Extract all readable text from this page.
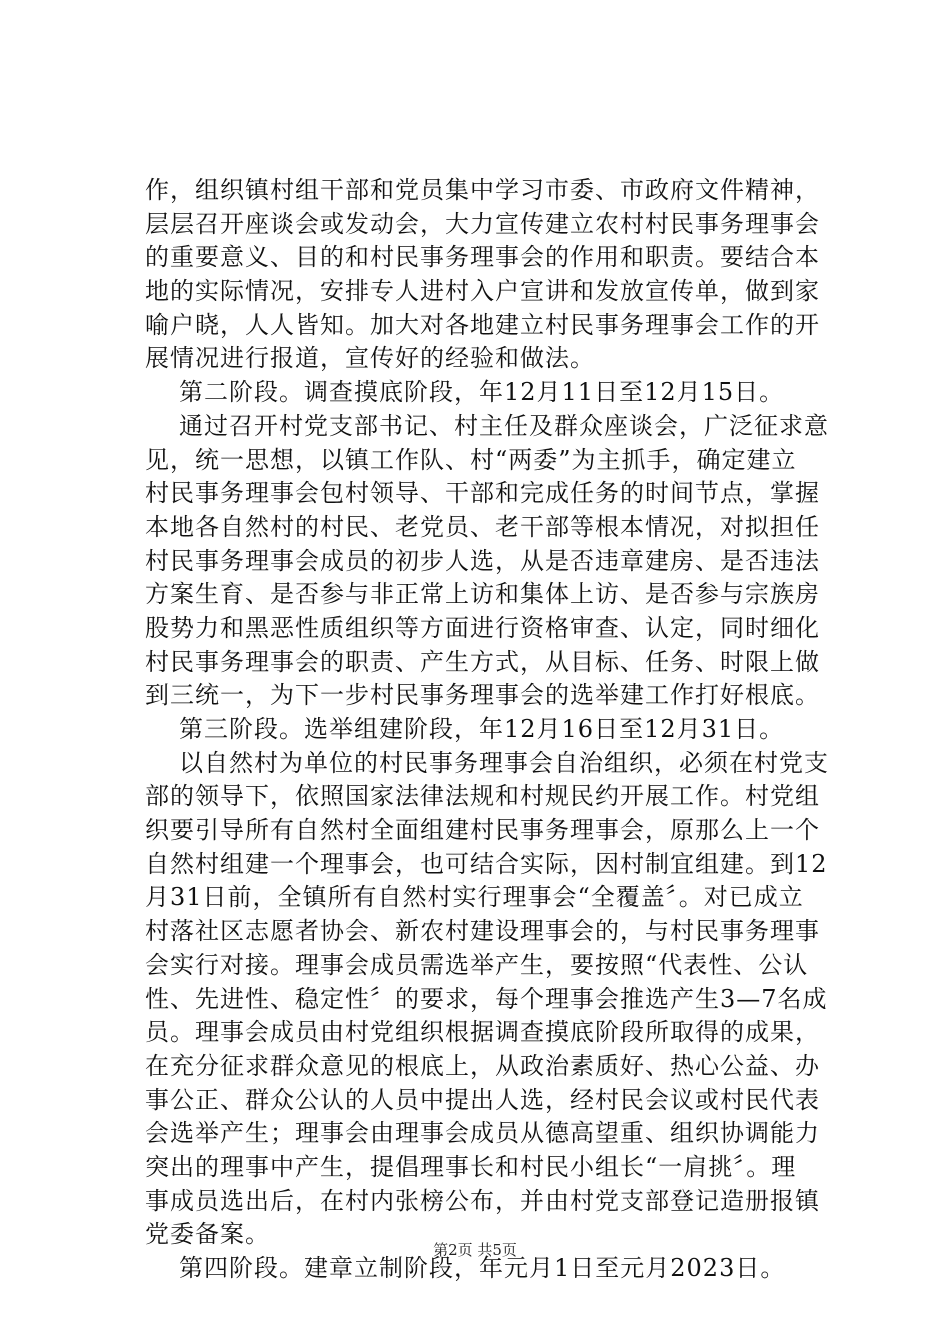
作，组织镇村组干部和党员集中学习市委、市政府文件精神，
层层召开座谈会或发动会，大力宣传建立农村村民事务理事会
的重要意义、目的和村民事务理事会的作用和职责。要结合本
地的实际情况，安排专人进村入户宣讲和发放宣传单，做到家
喻户晓，人人皆知。加大对各地建立村民事务理事会工作的开
展情况进行报道，宣传好的经验和做法。
第二阶段。调查摸底阶段，年12月11日至12月15日。
通过召开村党支部书记、村主任及群众座谈会，广泛征求意
见，统一思想，以镇工作队、村“两委”为主抓手，确定建立
村民事务理事会包村领导、干部和完成任务的时间节点，掌握
本地各自然村的村民、老党员、老干部等根本情况，对拟担任
村民事务理事会成员的初步人选，从是否违章建房、是否违法
方案生育、是否参与非正常上访和集体上访、是否参与宗族房
股势力和黑恶性质组织等方面进行资格审查、认定，同时细化
村民事务理事会的职责、产生方式，从目标、任务、时限上做
到三统一，为下一步村民事务理事会的选举建工作打好根底。
第三阶段。选举组建阶段，年12月16日至12月31日。
以自然村为单位的村民事务理事会自治组织，必须在村党支
部的领导下，依照国家法律法规和村规民约开展工作。村党组
织要引导所有自然村全面组建村民事务理事会，原那么上一个
自然村组建一个理事会，也可结合实际，因村制宜组建。到12
月31日前，全镇所有自然村实行理事会“全覆盖〞。对已成立
村落社区志愿者协会、新农村建设理事会的，与村民事务理事
会实行对接。理事会成员需选举产生，要按照“代表性、公认
性、先进性、稳定性〞的要求，每个理事会推选产生3—7名成
员。理事会成员由村党组织根据调查摸底阶段所取得的成果，
在充分征求群众意见的根底上，从政治素质好、热心公益、办
事公正、群众公认的人员中提出人选，经村民会议或村民代表
会选举产生；理事会由理事会成员从德高望重、组织协调能力
突出的理事中产生，提倡理事长和村民小组长“一肩挑〞。理
事成员选出后，在村内张榜公布，并由村党支部登记造册报镇
党委备案。
第四阶段。建章立制阶段，年元月1日至元月2023日。
第2页 共5页
